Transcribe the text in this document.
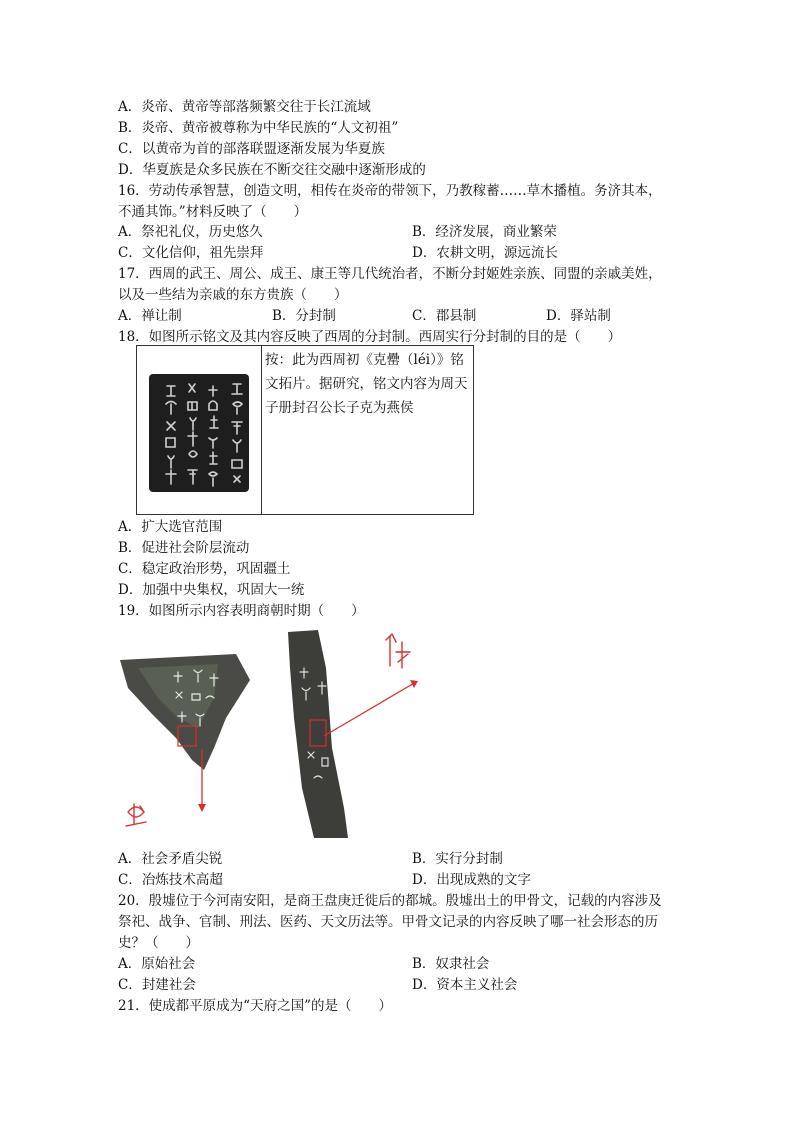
A．炎帝、黄帝等部落频繁交往于长江流域
B．炎帝、黄帝被尊称为中华民族的“人文初祖”
C．以黄帝为首的部落联盟逐渐发展为华夏族
D．华夏族是众多民族在不断交往交融中逐渐形成的
16．劳动传承智慧，创造文明，相传在炎帝的带领下，乃教稼蓄……草木播植。务济其本，
不通其饰。”材料反映了（　　）
A．祭祀礼仪，历史悠久	B．经济发展，商业繁荣
C．文化信仰，祖先崇拜	D．农耕文明，源远流长
17．西周的武王、周公、成王、康王等几代统治者，不断分封姬姓亲族、同盟的亲戚美姓，
以及一些结为亲戚的东方贵族（　　）
A．禅让制	B．分封制	C．郡县制	D．驿站制
18．如图所示铭文及其内容反映了西周的分封制。西周实行分封制的目的是（　　）
按：此为西周初《克罍（léi）》铭文拓片。据研究，铭文内容为周天子册封召公长子克为燕侯
A．扩大选官范围
B．促进社会阶层流动
C．稳定政治形势，巩固疆土
D．加强中央集权，巩固大一统
19．如图所示内容表明商朝时期（　　）
A．社会矛盾尖锐	B．实行分封制
C．冶炼技术高超	D．出现成熟的文字
20．殷墟位于今河南安阳，是商王盘庚迁徙后的都城。殷墟出土的甲骨文，记载的内容涉及
祭祀、战争、官制、刑法、医药、天文历法等。甲骨文记录的内容反映了哪一社会形态的历
史？（　　）
A．原始社会	B．奴隶社会
C．封建社会	D．资本主义社会
21．使成都平原成为“天府之国”的是（　　）
